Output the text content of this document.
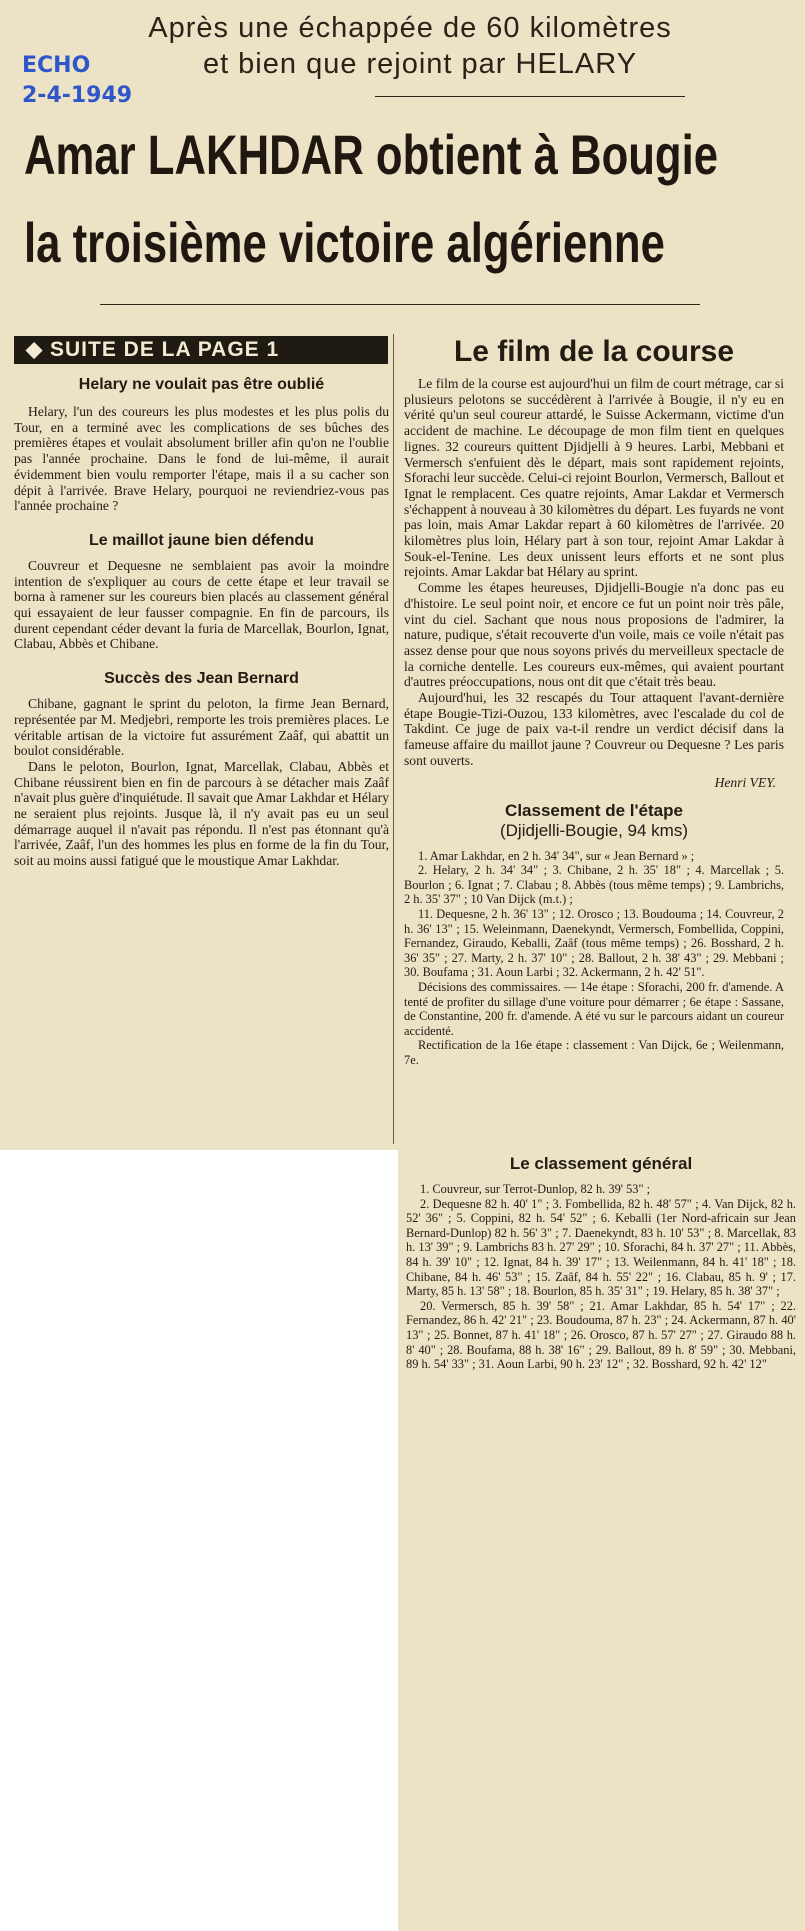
Après une échappée de 60 kilomètres
et bien que rejoint par HELARY
ECHO
2-4-1949
Amar LAKHDAR obtient à Bougie
la troisième victoire algérienne
◆ SUITE DE LA PAGE 1
Helary ne voulait pas être oublié

Helary, l'un des coureurs les plus modestes et les plus polis du Tour, en a terminé avec les complications de ses bûches des premières étapes et voulait absolument briller afin qu'on ne l'oublie pas l'année prochaine. Dans le fond de lui-même, il aurait évidemment bien voulu remporter l'étape, mais il a su cacher son dépit à l'arrivée. Brave Helary, pourquoi ne reviendriez-vous pas l'année prochaine ?

Le maillot jaune bien défendu

Couvreur et Dequesne ne semblaient pas avoir la moindre intention de s'expliquer au cours de cette étape et leur travail se borna à ramener sur les coureurs bien placés au classement général qui essayaient de leur fausser compagnie. En fin de parcours, ils durent cependant céder devant la furia de Marcellak, Bourlon, Ignat, Clabau, Abbès et Chibane.

Succès des Jean Bernard

Chibane, gagnant le sprint du peloton, la firme Jean Bernard, représentée par M. Medjebri, remporte les trois premières places. Le véritable artisan de la victoire fut assurément Zaâf, qui abattit un boulot considérable.

Dans le peloton, Bourlon, Ignat, Marcellak, Clabau, Abbès et Chibane réussirent bien en fin de parcours à se détacher mais Zaâf n'avait plus guère d'inquiétude. Il savait que Amar Lakhdar et Hélary ne seraient plus rejoints. Jusque là, il n'y avait pas eu un seul démarrage auquel il n'avait pas répondu. Il n'est pas étonnant qu'à l'arrivée, Zaâf, l'un des hommes les plus en forme de la fin du Tour, soit au moins aussi fatigué que le moustique Amar Lakhdar.

Le film de la course

Le film de la course est aujourd'hui un film de court métrage, car si plusieurs pelotons se succédèrent à l'arrivée à Bougie, il n'y eu en vérité qu'un seul coureur attardé, le Suisse Ackermann, victime d'un accident de machine. Le découpage de mon film tient en quelques lignes. 32 coureurs quittent Djidjelli à 9 heures. Larbi, Mebbani et Vermersch s'enfuient dès le départ, mais sont rapidement rejoints, Sforachi leur succède. Celui-ci rejoint Bourlon, Vermersch, Ballout et Ignat le remplacent. Ces quatre rejoints, Amar Lakdar et Vermersch s'échappent à nouveau à 30 kilomètres du départ. Les fuyards ne vont pas loin, mais Amar Lakdar repart à 60 kilomètres de l'arrivée. 20 kilomètres plus loin, Hélary part à son tour, rejoint Amar Lakdar à Souk-el-Tenine. Les deux unissent leurs efforts et ne sont plus rejoints. Amar Lakdar bat Hélary au sprint.

Comme les étapes heureuses, Djidjelli-Bougie n'a donc pas eu d'histoire. Le seul point noir, et encore ce fut un point noir très pâle, vint du ciel. Sachant que nous nous proposions de l'admirer, la nature, pudique, s'était recouverte d'un voile, mais ce voile n'était pas assez dense pour que nous soyons privés du merveilleux spectacle de la corniche dentelle. Les coureurs eux-mêmes, qui avaient pourtant d'autres préoccupations, nous ont dit que c'était très beau.

Aujourd'hui, les 32 rescapés du Tour attaquent l'avant-dernière étape Bougie-Tizi-Ouzou, 133 kilomètres, avec l'escalade du col de Takdint. Ce juge de paix va-t-il rendre un verdict décisif dans la fameuse affaire du maillot jaune ? Couvreur ou Dequesne ? Les paris sont ouverts.

Henri VEY.
Classement de l'étape
(Djidjelli-Bougie, 94 kms)

1. Amar Lakhdar, en 2 h. 34' 34", sur « Jean Bernard » ;

2. Helary, 2 h. 34' 34" ; 3. Chibane, 2 h. 35' 18" ; 4. Marcellak ; 5. Bourlon ; 6. Ignat ; 7. Clabau ; 8. Abbès (tous même temps) ; 9. Lambrichs, 2 h. 35' 37" ; 10 Van Dijck (m.t.) ;

11. Dequesne, 2 h. 36' 13" ; 12. Orosco ; 13. Boudouma ; 14. Couvreur, 2 h. 36' 13" ; 15. Weleinmann, Daenekyndt, Vermersch, Fombellida, Coppini, Fernandez, Giraudo, Keballi, Zaâf (tous même temps) ; 26. Bosshard, 2 h. 36' 35" ; 27. Marty, 2 h. 37' 10" ; 28. Ballout, 2 h. 38' 43" ; 29. Mebbani ; 30. Boufama ; 31. Aoun Larbi ; 32. Ackermann, 2 h. 42' 51".

Décisions des commissaires. — 14e étape : Sforachi, 200 fr. d'amende. A tenté de profiter du sillage d'une voiture pour démarrer ; 6e étape : Sassane, de Constantine, 200 fr. d'amende. A été vu sur le parcours aidant un coureur accidenté.

Rectification de la 16e étape : classement : Van Dijck, 6e ; Weilenmann, 7e.

Le classement général

1. Couvreur, sur Terrot-Dunlop, 82 h. 39' 53" ;

2. Dequesne 82 h. 40' 1" ; 3. Fombellida, 82 h. 48' 57" ; 4. Van Dijck, 82 h. 52' 36" ; 5. Coppini, 82 h. 54' 52" ; 6. Keballi (1er Nord-africain sur Jean Bernard-Dunlop) 82 h. 56' 3" ; 7. Daenekyndt, 83 h. 10' 53" ; 8. Marcellak, 83 h. 13' 39" ; 9. Lambrichs 83 h. 27' 29" ; 10. Sforachi, 84 h. 37' 27" ; 11. Abbès, 84 h. 39' 10" ; 12. Ignat, 84 h. 39' 17" ; 13. Weilenmann, 84 h. 41' 18" ; 18. Chibane, 84 h. 46' 53" ; 15. Zaâf, 84 h. 55' 22" ; 16. Clabau, 85 h. 9' ; 17. Marty, 85 h. 13' 58" ; 18. Bourlon, 85 h. 35' 31" ; 19. Helary, 85 h. 38' 37" ;

20. Vermersch, 85 h. 39' 58" ; 21. Amar Lakhdar, 85 h. 54' 17" ; 22. Fernandez, 86 h. 42' 21" ; 23. Boudouma, 87 h. 23" ; 24. Ackermann, 87 h. 40' 13" ; 25. Bonnet, 87 h. 41' 18" ; 26. Orosco, 87 h. 57' 27" ; 27. Giraudo 88 h. 8' 40" ; 28. Boufama, 88 h. 38' 16" ; 29. Ballout, 89 h. 8' 59" ; 30. Mebbani, 89 h. 54' 33" ; 31. Aoun Larbi, 90 h. 23' 12" ; 32. Bosshard, 92 h. 42' 12"
